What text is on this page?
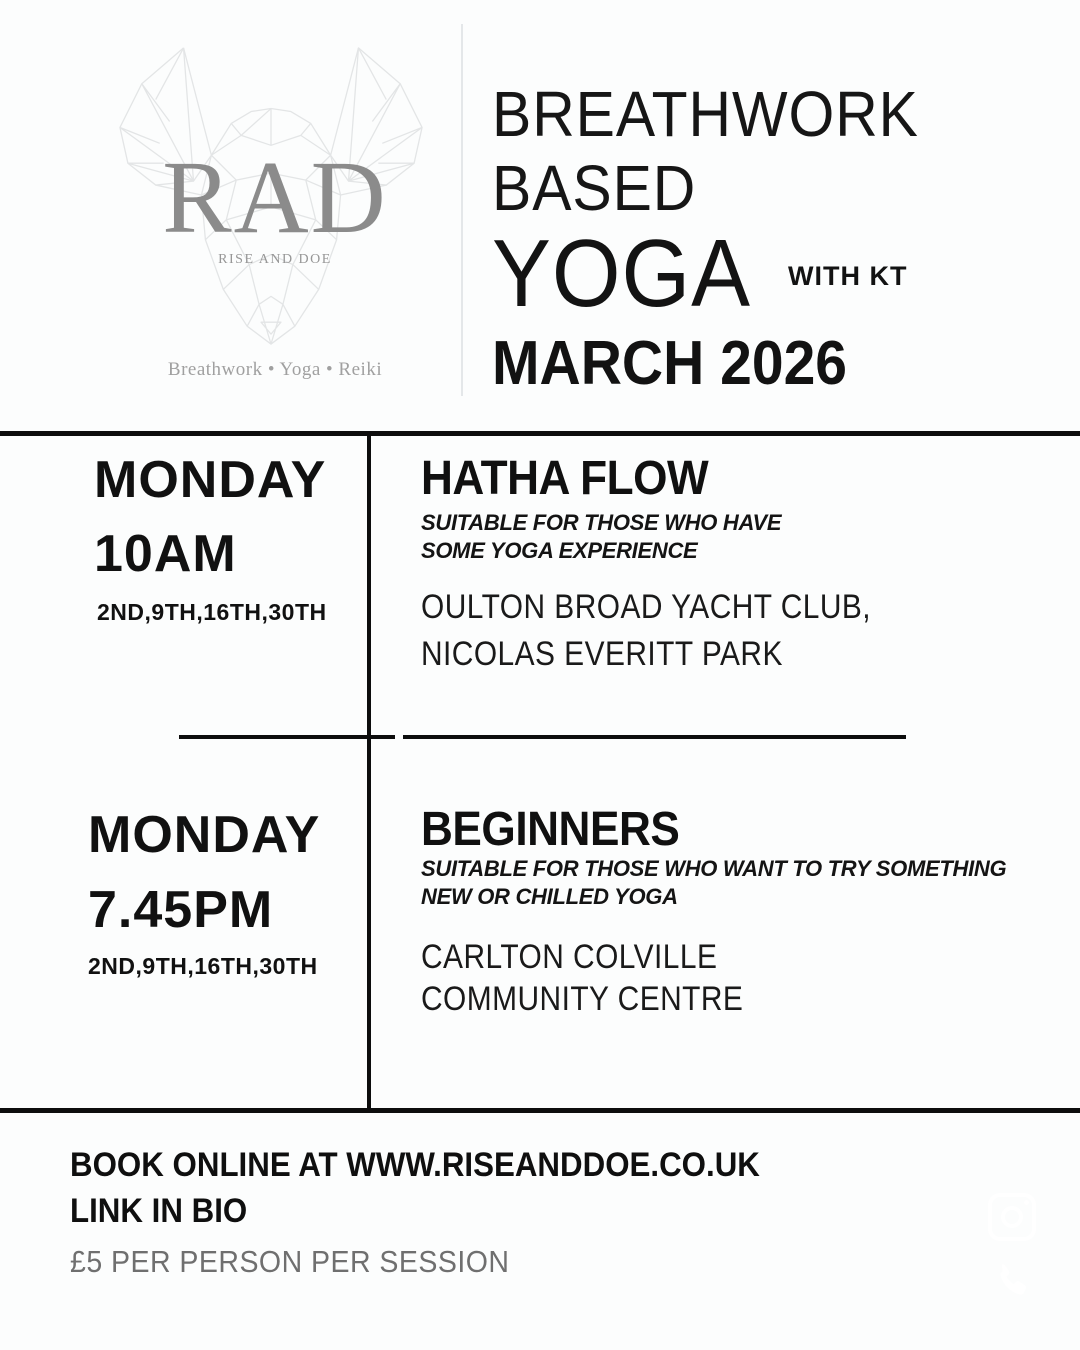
RAD
RISE AND DOE
Breathwork • Yoga • Reiki
BREATHWORK
BASED
YOGA	WITH KT
MARCH 2026
MONDAY
10AM
2ND,9TH,16TH,30TH
HATHA FLOW
SUITABLE FOR THOSE WHO HAVE
SOME YOGA EXPERIENCE
OULTON BROAD YACHT CLUB,
NICOLAS EVERITT PARK
MONDAY
7.45PM
2ND,9TH,16TH,30TH
BEGINNERS
SUITABLE FOR THOSE WHO WANT TO TRY SOMETHING
NEW OR CHILLED YOGA
CARLTON COLVILLE
COMMUNITY CENTRE
BOOK ONLINE AT WWW.RISEANDDOE.CO.UK
LINK IN BIO
£5 PER PERSON PER SESSION
